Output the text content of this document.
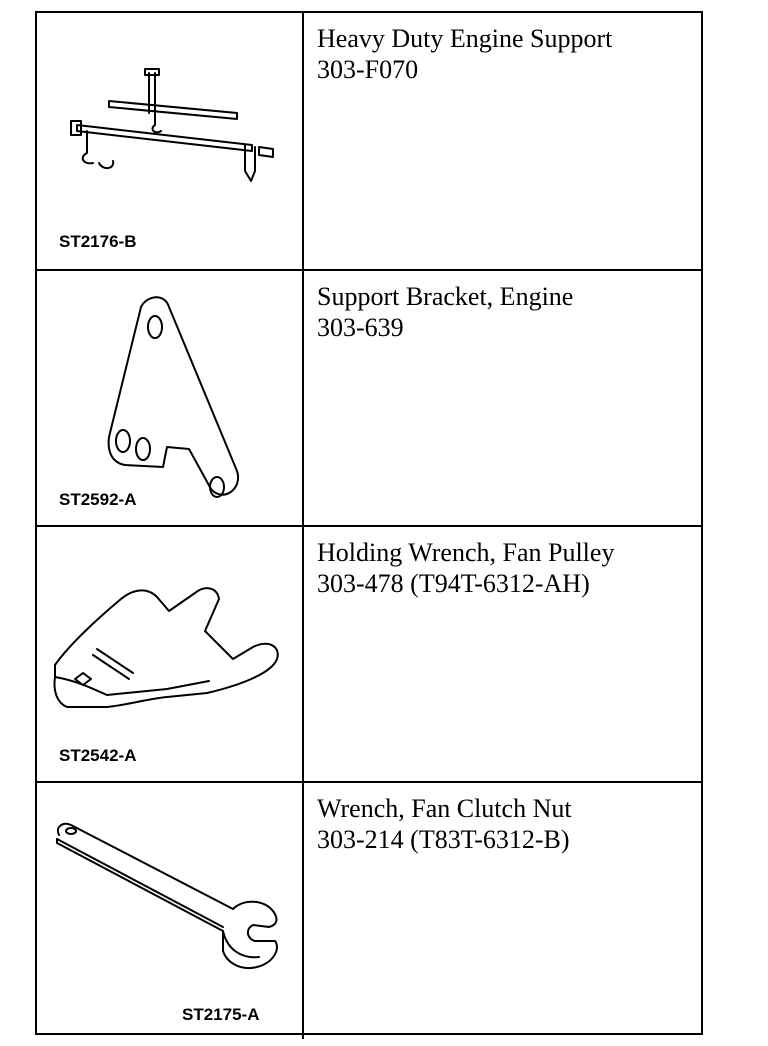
ST2176-B
Heavy Duty Engine Support
303-F070
ST2592-A
Support Bracket, Engine
303-639
ST2542-A
Holding Wrench, Fan Pulley
303-478 (T94T-6312-AH)
ST2175-A
Wrench, Fan Clutch Nut
303-214 (T83T-6312-B)
